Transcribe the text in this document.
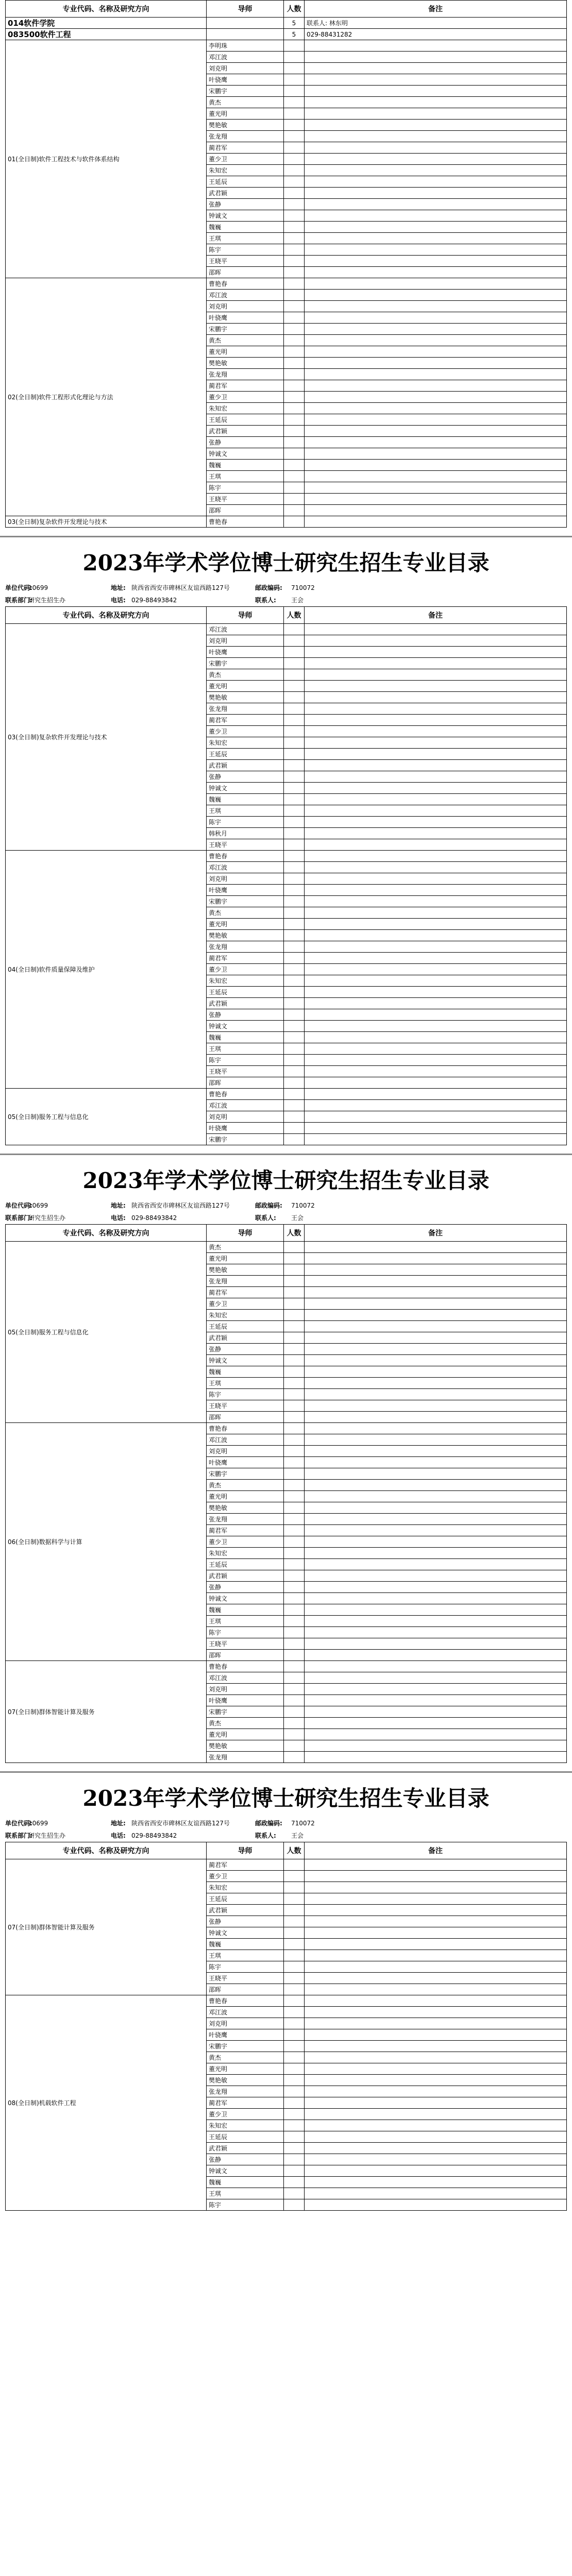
专业代码、名称及研究方向	导师	人数	备注
014软件学院		5	联系人: 林东明
083500软件工程		5	029-88431282
01(全日制)软件工程技术与软件体系结构	李明珠		
	邓江波		
	刘克明		
	叶骁鹰		
	宋鹏宇		
	黄杰		
	董光明		
	樊艳敏		
	张龙翔		
	蔺君军		
	董少卫		
	朱知宏		
	王延辰		
	武君颖		
	张静		
	钟诚文		
	魏巍		
	王琪		
	陈宇		
	王晓平		
	邵晖		
02(全日制)软件工程形式化理论与方法	曹艳春		
	邓江波		
	刘克明		
	叶骁鹰		
	宋鹏宇		
	黄杰		
	董光明		
	樊艳敏		
	张龙翔		
	蔺君军		
	董少卫		
	朱知宏		
	王延辰		
	武君颖		
	张静		
	钟诚文		
	魏巍		
	王琪		
	陈宇		
	王晓平		
	邵晖		
03(全日制)复杂软件开发理论与技术	曹艳春		
2023年学术学位博士研究生招生专业目录
单位代码:
10699	地址: 陕西省西安市碑林区友谊西路127号	邮政编码:	710072
联系部门:
研究生招生办	电话: 029-88493842	联系人:	王会
专业代码、名称及研究方向	导师	人数	备注
03(全日制)复杂软件开发理论与技术	邓江波		
	刘克明		
	叶骁鹰		
	宋鹏宇		
	黄杰		
	董光明		
	樊艳敏		
	张龙翔		
	蔺君军		
	董少卫		
	朱知宏		
	王延辰		
	武君颖		
	张静		
	钟诚文		
	魏巍		
	王琪		
	陈宇		
	韩秋月		
	王晓平		
04(全日制)软件质量保障及维护	曹艳春		
	邓江波		
	刘克明		
	叶骁鹰		
	宋鹏宇		
	黄杰		
	董光明		
	樊艳敏		
	张龙翔		
	蔺君军		
	董少卫		
	朱知宏		
	王延辰		
	武君颖		
	张静		
	钟诚文		
	魏巍		
	王琪		
	陈宇		
	王晓平		
	邵晖		
05(全日制)服务工程与信息化	曹艳春		
	邓江波		
	刘克明		
	叶骁鹰		
	宋鹏宇		
2023年学术学位博士研究生招生专业目录
单位代码:
10699	地址: 陕西省西安市碑林区友谊西路127号	邮政编码:	710072
联系部门:
研究生招生办	电话: 029-88493842	联系人:	王会
专业代码、名称及研究方向	导师	人数	备注
05(全日制)服务工程与信息化	黄杰		
	董光明		
	樊艳敏		
	张龙翔		
	蔺君军		
	董少卫		
	朱知宏		
	王延辰		
	武君颖		
	张静		
	钟诚文		
	魏巍		
	王琪		
	陈宇		
	王晓平		
	邵晖		
06(全日制)数据科学与计算	曹艳春		
	邓江波		
	刘克明		
	叶骁鹰		
	宋鹏宇		
	黄杰		
	董光明		
	樊艳敏		
	张龙翔		
	蔺君军		
	董少卫		
	朱知宏		
	王延辰		
	武君颖		
	张静		
	钟诚文		
	魏巍		
	王琪		
	陈宇		
	王晓平		
	邵晖		
07(全日制)群体智能计算及服务	曹艳春		
	邓江波		
	刘克明		
	叶骁鹰		
	宋鹏宇		
	黄杰		
	董光明		
	樊艳敏		
	张龙翔		
2023年学术学位博士研究生招生专业目录
单位代码:
10699	地址: 陕西省西安市碑林区友谊西路127号	邮政编码:	710072
联系部门:
研究生招生办	电话: 029-88493842	联系人:	王会
专业代码、名称及研究方向	导师	人数	备注
07(全日制)群体智能计算及服务	蔺君军		
	董少卫		
	朱知宏		
	王延辰		
	武君颖		
	张静		
	钟诚文		
	魏巍		
	王琪		
	陈宇		
	王晓平		
	邵晖		
08(全日制)机载软件工程	曹艳春		
	邓江波		
	刘克明		
	叶骁鹰		
	宋鹏宇		
	黄杰		
	董光明		
	樊艳敏		
	张龙翔		
	蔺君军		
	董少卫		
	朱知宏		
	王延辰		
	武君颖		
	张静		
	钟诚文		
	魏巍		
	王琪		
	陈宇		
